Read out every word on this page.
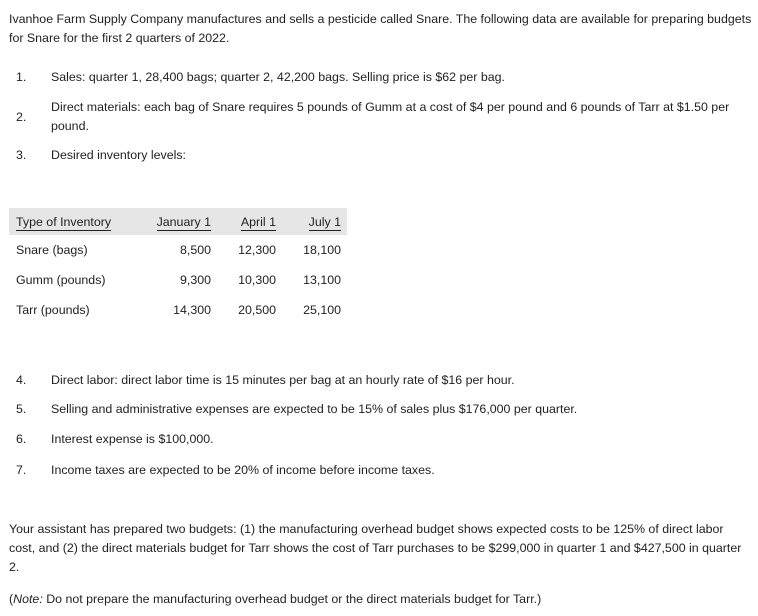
Ivanhoe Farm Supply Company manufactures and sells a pesticide called Snare. The following data are available for preparing budgets for Snare for the first 2 quarters of 2022.
1. Sales: quarter 1, 28,400 bags; quarter 2, 42,200 bags. Selling price is $62 per bag.
2.
Direct materials: each bag of Snare requires 5 pounds of Gumm at a cost of $4 per pound and 6 pounds of Tarr at $1.50 per pound.
3. Desired inventory levels:
Type of Inventory	January 1	April 1	July 1
Snare (bags)	8,500	12,300	18,100
Gumm (pounds)	9,300	10,300	13,100
Tarr (pounds)	14,300	20,500	25,100
4. Direct labor: direct labor time is 15 minutes per bag at an hourly rate of $16 per hour.
5. Selling and administrative expenses are expected to be 15% of sales plus $176,000 per quarter.
6. Interest expense is $100,000.
7. Income taxes are expected to be 20% of income before income taxes.
Your assistant has prepared two budgets: (1) the manufacturing overhead budget shows expected costs to be 125% of direct labor cost, and (2) the direct materials budget for Tarr shows the cost of Tarr purchases to be $299,000 in quarter 1 and $427,500 in quarter 2.
(Note: Do not prepare the manufacturing overhead budget or the direct materials budget for Tarr.)
